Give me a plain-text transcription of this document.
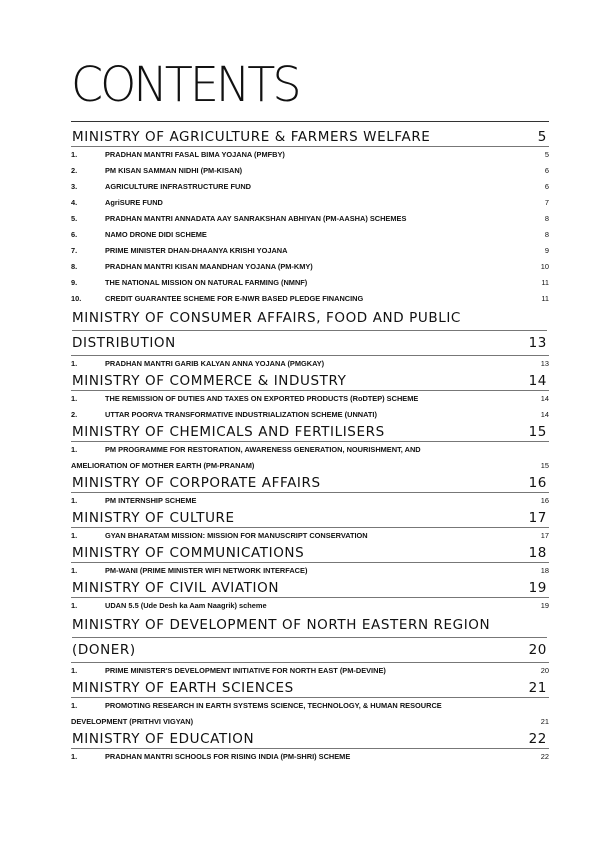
CONTENTS
MINISTRY OF AGRICULTURE & FARMERS WELFARE	5
1.	PRADHAN MANTRI FASAL BIMA YOJANA (PMFBY)	5
2.	PM KISAN SAMMAN NIDHI (PM-KISAN)	6
3.	AGRICULTURE INFRASTRUCTURE FUND	6
4.	AgriSURE FUND	7
5.	PRADHAN MANTRI ANNADATA AAY SANRAKSHAN ABHIYAN (PM-AASHA) SCHEMES	8
6.	NAMO DRONE DIDI SCHEME	8
7.	PRIME MINISTER DHAN-DHAANYA KRISHI YOJANA	9
8.	PRADHAN MANTRI KISAN MAANDHAN YOJANA (PM-KMY)	10
9.	THE NATIONAL MISSION ON NATURAL FARMING (NMNF)	11
10.	CREDIT GUARANTEE SCHEME FOR E-NWR BASED PLEDGE FINANCING	11
MINISTRY OF CONSUMER AFFAIRS, FOOD AND PUBLIC
DISTRIBUTION	13
1.	PRADHAN MANTRI GARIB KALYAN ANNA YOJANA (PMGKAY)	13
MINISTRY OF COMMERCE & INDUSTRY	14
1.	THE REMISSION OF DUTIES AND TAXES ON EXPORTED PRODUCTS (RoDTEP) SCHEME	14
2.	UTTAR POORVA TRANSFORMATIVE INDUSTRIALIZATION SCHEME (UNNATI)	14
MINISTRY OF CHEMICALS AND FERTILISERS	15
1.	PM PROGRAMME FOR RESTORATION, AWARENESS GENERATION, NOURISHMENT, AND
AMELIORATION OF MOTHER EARTH (PM-PRANAM)	15
MINISTRY OF CORPORATE AFFAIRS	16
1.	PM INTERNSHIP SCHEME	16
MINISTRY OF CULTURE	17
1.	GYAN BHARATAM MISSION: MISSION FOR MANUSCRIPT CONSERVATION	17
MINISTRY OF COMMUNICATIONS	18
1.	PM-WANI (PRIME MINISTER WIFI NETWORK INTERFACE)	18
MINISTRY OF CIVIL AVIATION	19
1.	UDAN 5.5 (Ude Desh ka Aam Naagrik) scheme	19
MINISTRY OF DEVELOPMENT OF NORTH EASTERN REGION
(DONER)	20
1.	PRIME MINISTER'S DEVELOPMENT INITIATIVE FOR NORTH EAST (PM-DEVINE)	20
MINISTRY OF EARTH SCIENCES	21
1.	PROMOTING RESEARCH IN EARTH SYSTEMS SCIENCE, TECHNOLOGY, & HUMAN RESOURCE
DEVELOPMENT (PRITHVI VIGYAN)	21
MINISTRY OF EDUCATION	22
1.	PRADHAN MANTRI SCHOOLS FOR RISING INDIA (PM-SHRI) SCHEME	22
